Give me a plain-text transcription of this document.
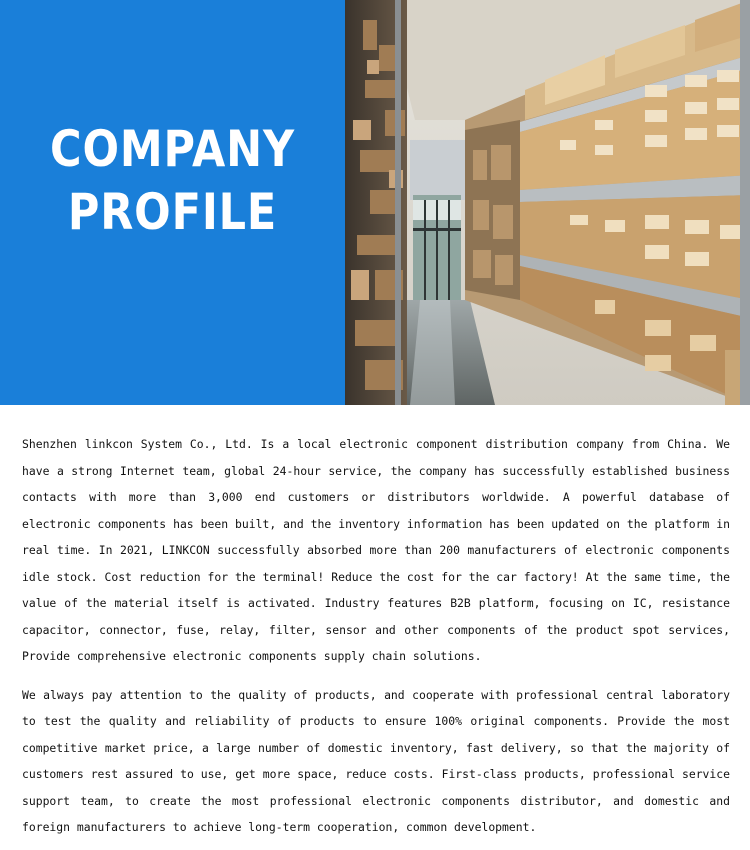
COMPANY
PROFILE

Shenzhen linkcon System Co., Ltd. Is a local electronic component distribution company from China. We have a strong Internet team, global 24-hour service, the company has successfully established business contacts with more than 3,000 end customers or distributors worldwide. A powerful database of electronic components has been built, and the inventory information has been updated on the platform in real time. In 2021, LINKCON successfully absorbed more than 200 manufacturers of electronic components idle stock. Cost reduction for the terminal! Reduce the cost for the car factory! At the same time, the value of the material itself is activated. Industry features B2B platform, focusing on IC, resistance capacitor, connector, fuse, relay, filter, sensor and other components of the product spot services, Provide comprehensive electronic components supply chain solutions.

We always pay attention to the quality of products, and cooperate with professional central laboratory to test the quality and reliability of products to ensure 100% original components. Provide the most competitive market price, a large number of domestic inventory, fast delivery, so that the majority of customers rest assured to use, get more space, reduce costs. First-class products, professional service support team, to create the most professional electronic components distributor, and domestic and foreign manufacturers to achieve long-term cooperation, common development.
